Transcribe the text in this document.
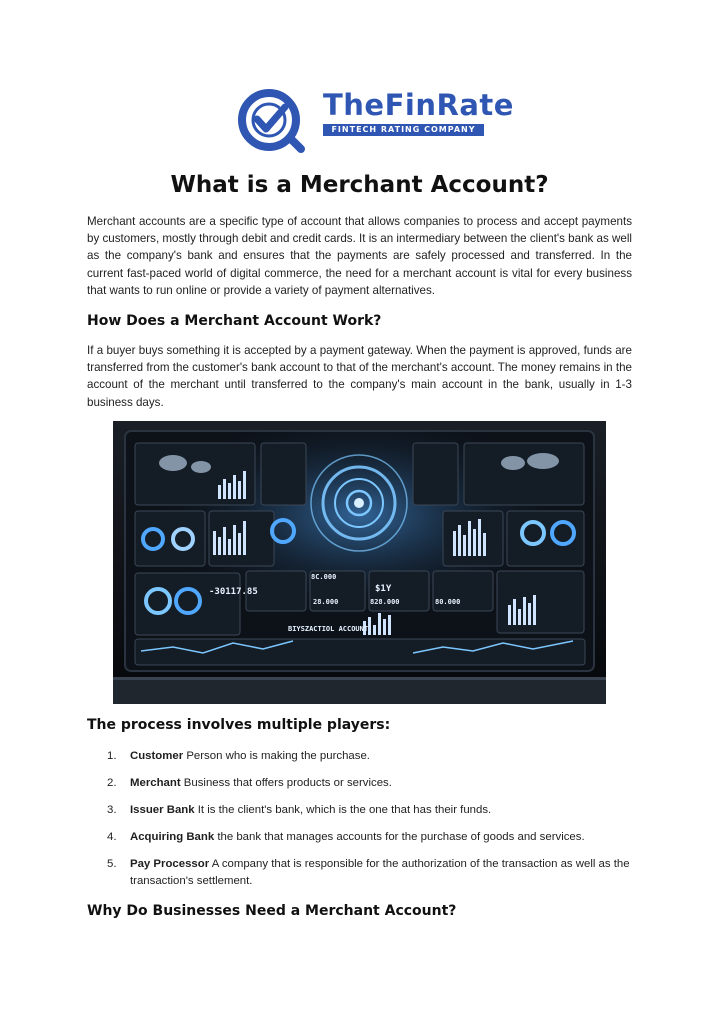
TheFinRate
FINTECH RATING COMPANY
What is a Merchant Account?

Merchant accounts are a specific type of account that allows companies to process and accept payments by customers, mostly through debit and credit cards. It is an intermediary between the client's bank as well as the company's bank and ensures that the payments are safely processed and transferred. In the current fast-paced world of digital commerce, the need for a merchant account is vital for every business that wants to run online or provide a variety of payment alternatives.

How Does a Merchant Account Work?

If a buyer buys something it is accepted by a payment gateway. When the payment is approved, funds are transferred from the customer's bank account to that of the merchant's account. The money remains in the account of the merchant until transferred to the company's main account in the bank, usually in 1-3 business days.

-30117.85
BIYSZACTIOL ACCOUNT
$1Y
8C.000
28.000	828.000	80.000
The process involves multiple players:
1.	Customer Person who is making the purchase.
2.	Merchant Business that offers products or services.
3.	Issuer Bank It is the client's bank, which is the one that has their funds.
4.	Acquiring Bank the bank that manages accounts for the purchase of goods and services.
5.	Pay Processor A company that is responsible for the authorization of the transaction as well as the transaction's settlement.
Why Do Businesses Need a Merchant Account?
